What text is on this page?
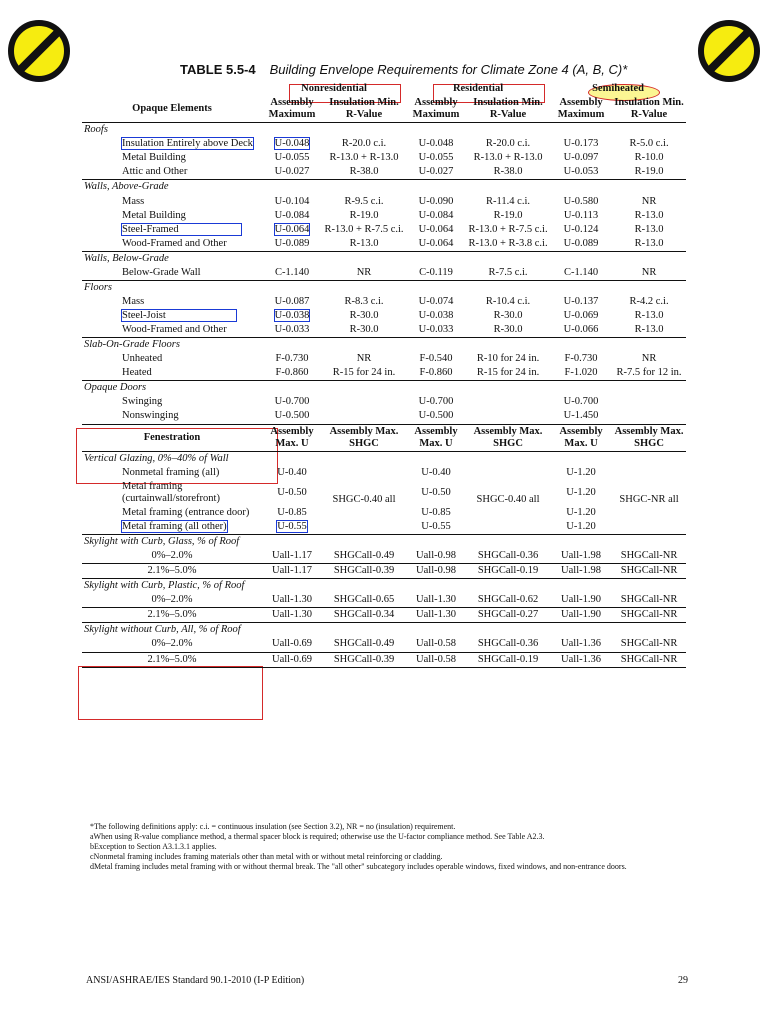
TABLE 5.5-4 Building Envelope Requirements for Climate Zone 4 (A, B, C)*
	Nonresidential		Residential		Semiheated	
Opaque Elements	Assembly Maximum	Insulation Min. R-Value	Assembly Maximum	Insulation Min. R-Value	Assembly Maximum	Insulation Min. R-Value
Roofs						
Insulation Entirely above Deck	U-0.048	R-20.0 c.i.	U-0.048	R-20.0 c.i.	U-0.173	R-5.0 c.i.
Metal Building	U-0.055	R-13.0 + R-13.0	U-0.055	R-13.0 + R-13.0	U-0.097	R-10.0
Attic and Other	U-0.027	R-38.0	U-0.027	R-38.0	U-0.053	R-19.0
Walls, Above-Grade						
Mass	U-0.104	R-9.5 c.i.	U-0.090	R-11.4 c.i.	U-0.580	NR
Metal Building	U-0.084	R-19.0	U-0.084	R-19.0	U-0.113	R-13.0
Steel-Framed	U-0.064	R-13.0 + R-7.5 c.i.	U-0.064	R-13.0 + R-7.5 c.i.	U-0.124	R-13.0
Wood-Framed and Other	U-0.089	R-13.0	U-0.064	R-13.0 + R-3.8 c.i.	U-0.089	R-13.0
Walls, Below-Grade						
Below-Grade Wall	C-1.140	NR	C-0.119	R-7.5 c.i.	C-1.140	NR
Floors						
Mass	U-0.087	R-8.3 c.i.	U-0.074	R-10.4 c.i.	U-0.137	R-4.2 c.i.
Steel-Joist	U-0.038	R-30.0	U-0.038	R-30.0	U-0.069	R-13.0
Wood-Framed and Other	U-0.033	R-30.0	U-0.033	R-30.0	U-0.066	R-13.0
Slab-On-Grade Floors						
Unheated	F-0.730	NR	F-0.540	R-10 for 24 in.	F-0.730	NR
Heated	F-0.860	R-15 for 24 in.	F-0.860	R-15 for 24 in.	F-1.020	R-7.5 for 12 in.
Opaque Doors						
Swinging	U-0.700		U-0.700		U-0.700	
Nonswinging	U-0.500		U-0.500		U-1.450	
Fenestration	Assembly Max. U	Assembly Max. SHGC	Assembly Max. U	Assembly Max. SHGC	Assembly Max. U	Assembly Max. SHGC
Vertical Glazing, 0%–40% of Wall						
Nonmetal framing (all)	U-0.40	SHGC-0.40 all	U-0.40	SHGC-0.40 all	U-1.20	SHGC-NR all
Metal framing (curtainwall/storefront)	U-0.50		U-0.50		U-1.20	
Metal framing (entrance door)	U-0.85		U-0.85		U-1.20	
Metal framing (all other)	U-0.55		U-0.55		U-1.20	
Skylight with Curb, Glass, % of Roof						
0%–2.0%	Uall-1.17	SHGCall-0.49	Uall-0.98	SHGCall-0.36	Uall-1.98	SHGCall-NR
2.1%–5.0%	Uall-1.17	SHGCall-0.39	Uall-0.98	SHGCall-0.19	Uall-1.98	SHGCall-NR
Skylight with Curb, Plastic, % of Roof						
0%–2.0%	Uall-1.30	SHGCall-0.65	Uall-1.30	SHGCall-0.62	Uall-1.90	SHGCall-NR
2.1%–5.0%	Uall-1.30	SHGCall-0.34	Uall-1.30	SHGCall-0.27	Uall-1.90	SHGCall-NR
Skylight without Curb, All, % of Roof						
0%–2.0%	Uall-0.69	SHGCall-0.49	Uall-0.58	SHGCall-0.36	Uall-1.36	SHGCall-NR
2.1%–5.0%	Uall-0.69	SHGCall-0.39	Uall-0.58	SHGCall-0.19	Uall-1.36	SHGCall-NR
*The following definitions apply: c.i. = continuous insulation (see Section 3.2), NR = no (insulation) requirement.
aWhen using R-value compliance method, a thermal spacer block is required; otherwise use the U-factor compliance method. See Table A2.3.
bException to Section A3.1.3.1 applies.
cNonmetal framing includes framing materials other than metal with or without metal reinforcing or cladding.
dMetal framing includes metal framing with or without thermal break. The "all other" subcategory includes operable windows, fixed windows, and non-entrance doors.
ANSI/ASHRAE/IES Standard 90.1-2010 (I-P Edition)	29
